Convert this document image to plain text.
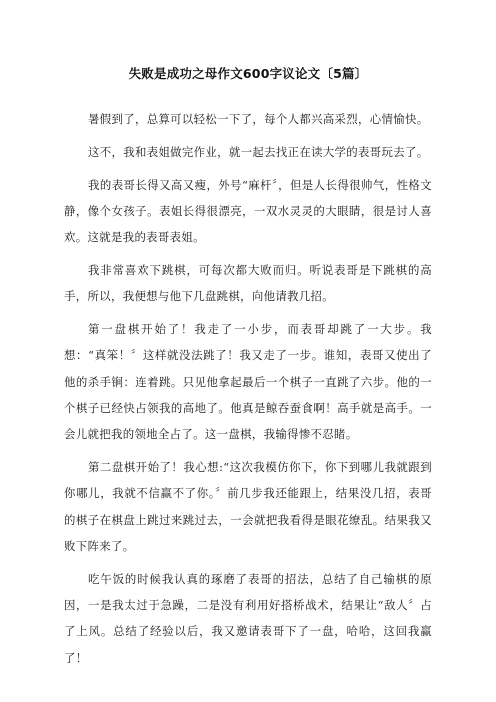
失败是成功之母作文600字议论文〔5篇〕

暑假到了，总算可以轻松一下了，每个人都兴高采烈，心情愉快。

这不，我和表姐做完作业，就一起去找正在读大学的表哥玩去了。

我的表哥长得又高又瘦，外号“麻杆〞，但是人长得很帅气，性格文静，像个女孩子。表姐长得很漂亮，一双水灵灵的大眼睛，很是讨人喜欢。这就是我的表哥表姐。

我非常喜欢下跳棋，可每次都大败而归。听说表哥是下跳棋的高手，所以，我便想与他下几盘跳棋，向他请教几招。

第一盘棋开始了！我走了一小步，而表哥却跳了一大步。我想：“真笨！〞这样就没法跳了！我又走了一步。谁知，表哥又使出了他的杀手锏：连着跳。只见他拿起最后一个棋子一直跳了六步。他的一个棋子已经快占领我的高地了。他真是鲸吞蚕食啊！高手就是高手。一会儿就把我的领地全占了。这一盘棋，我输得惨不忍睹。

第二盘棋开始了！我心想:“这次我模仿你下，你下到哪儿我就跟到你哪儿，我就不信赢不了你。〞前几步我还能跟上，结果没几招，表哥的棋子在棋盘上跳过来跳过去，一会就把我看得是眼花缭乱。结果我又败下阵来了。

吃午饭的时候我认真的琢磨了表哥的招法，总结了自己输棋的原因，一是我太过于急躁，二是没有利用好搭桥战术，结果让“敌人〞占了上风。总结了经验以后，我又邀请表哥下了一盘，哈哈，这回我赢了！
